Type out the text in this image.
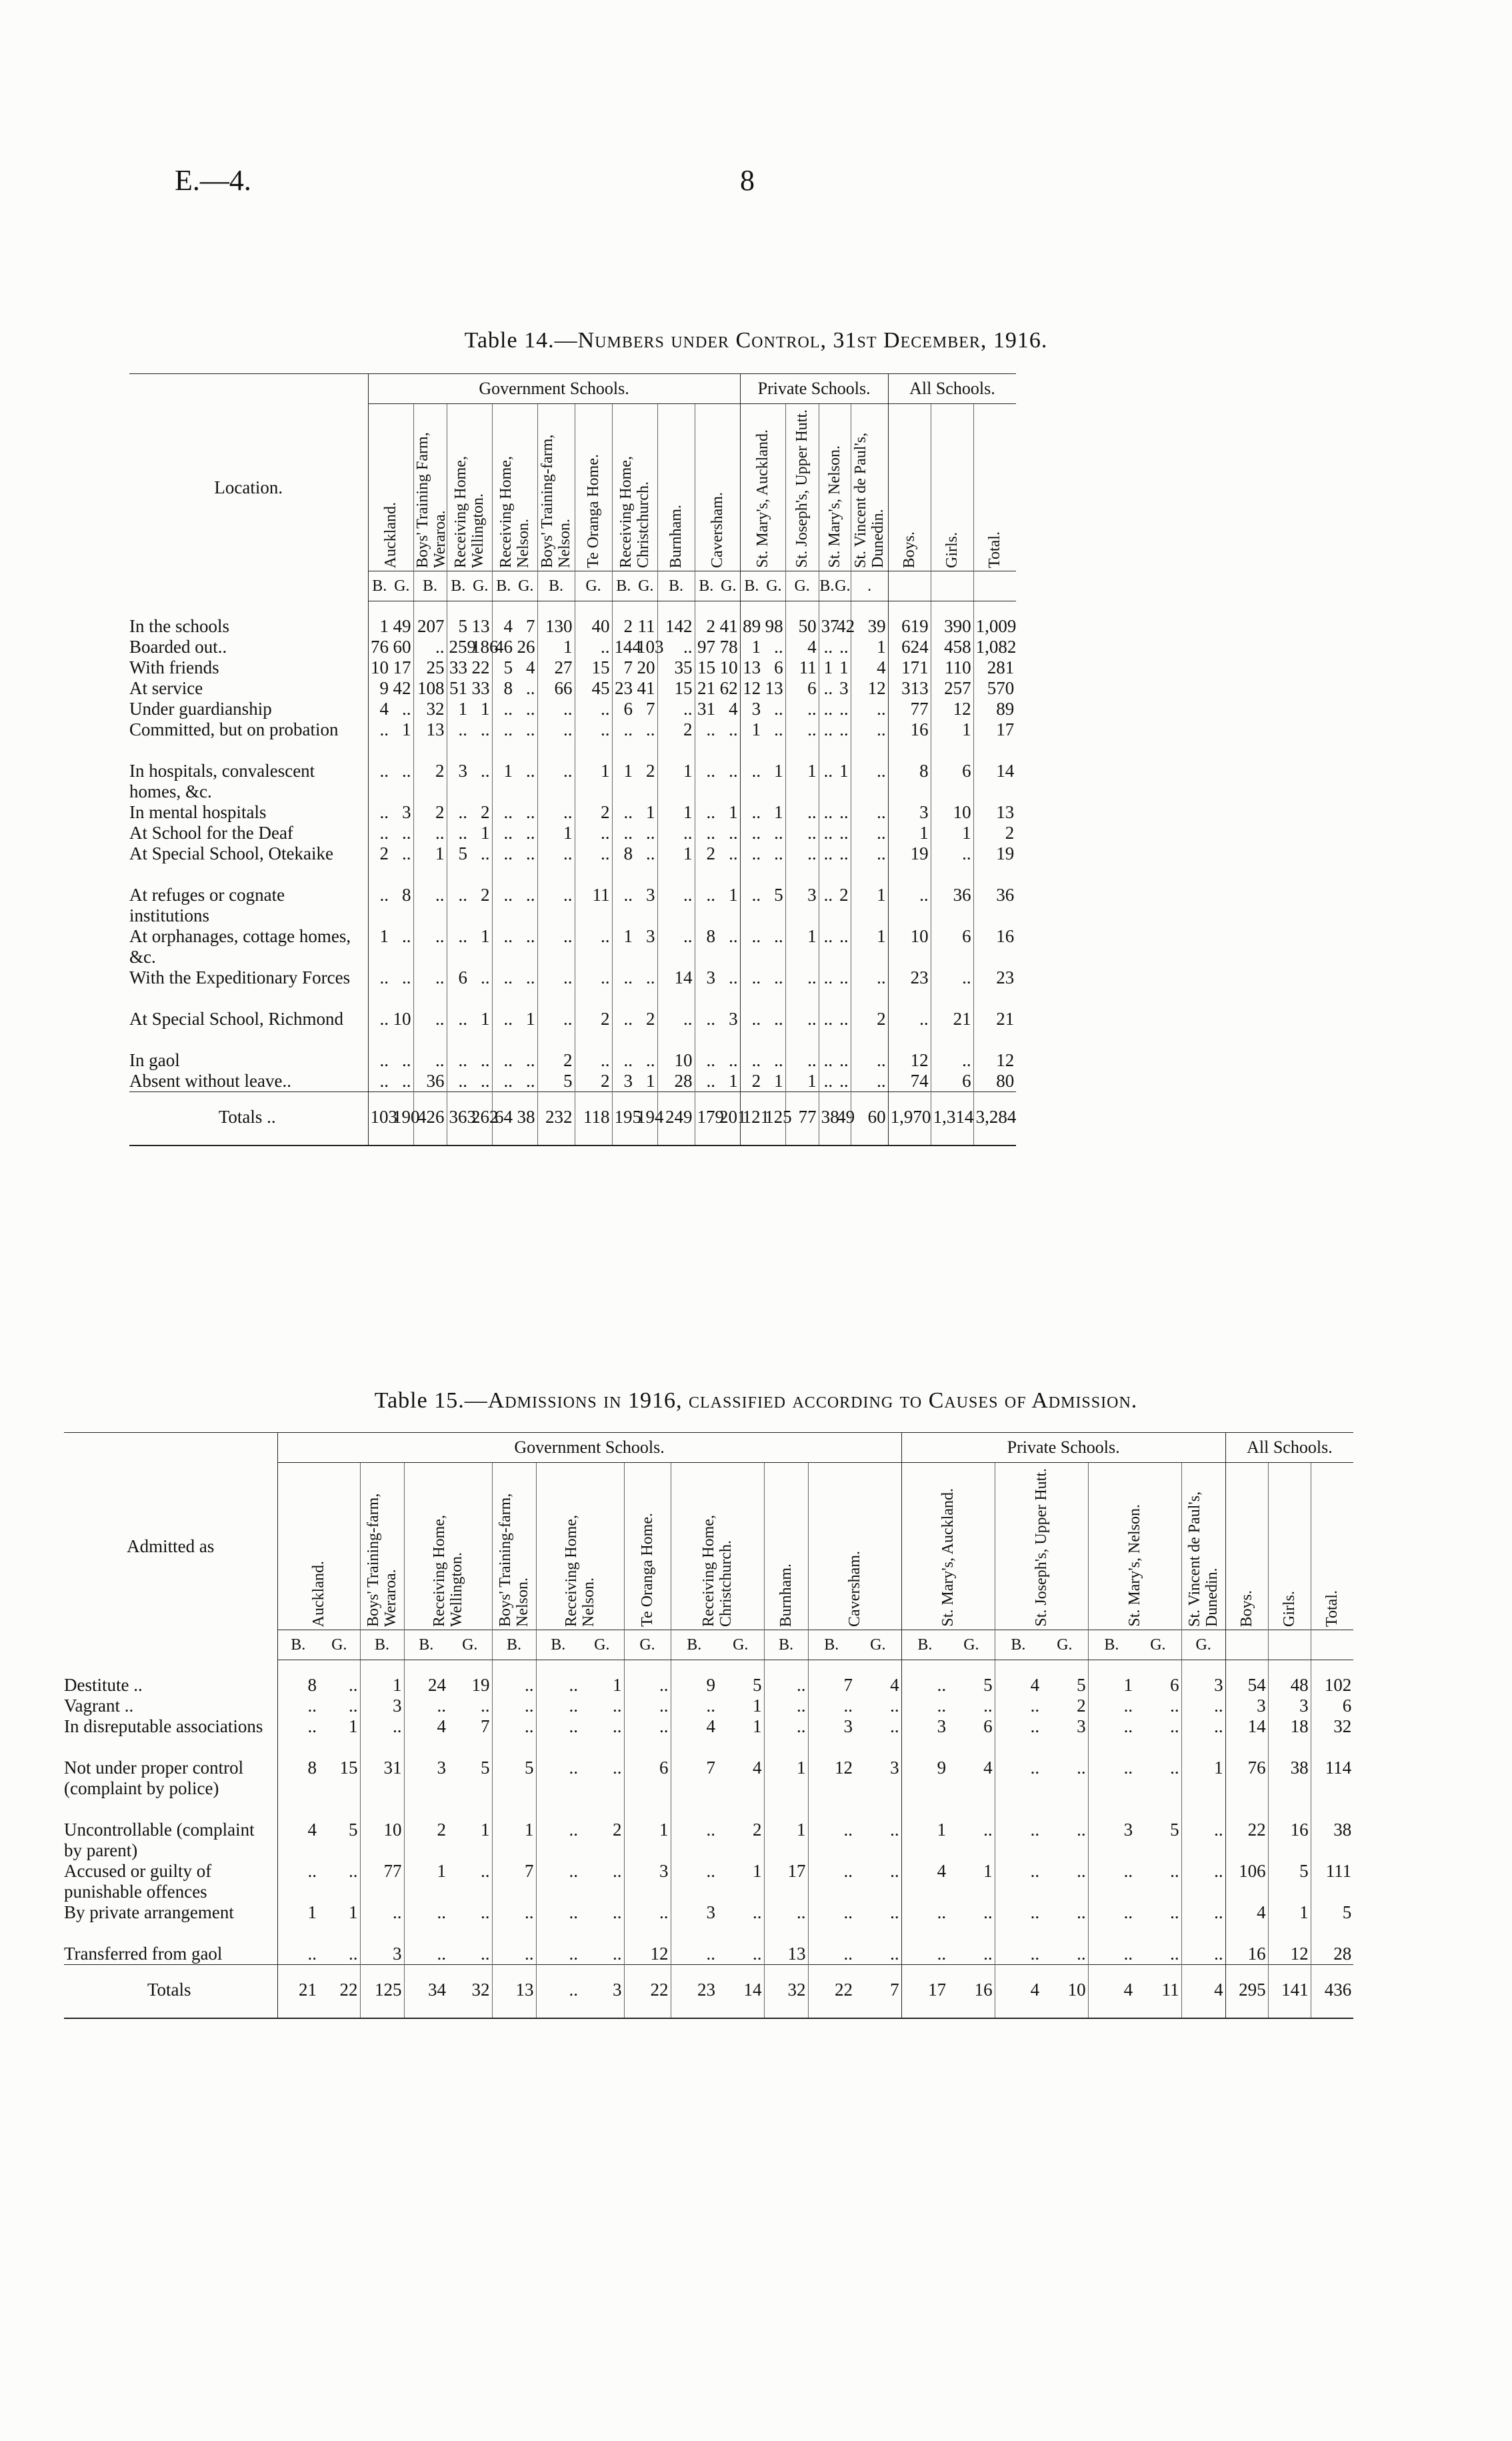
E.—4.	8
Table 14.—Numbers under Control, 31st December, 1916.
Location.	Government Schools.														Private Schools.						All Schools.		

	Auckland.		Boys' Training Farm, Weraroa.	Receiving Home, Wellington.		Receiving Home, Nelson.		Boys' Training-farm, Nelson.	Te Oranga Home.	Receiving Home, Christchurch.		Burnham.	Caversham.		St. Mary's, Auckland.		St. Joseph's, Upper Hutt.	St. Mary's, Nelson.		St. Vincent de Paul's, Dunedin.	Boys.	Girls.	Total.

	B.	G.	B.	B.	G.	B.	G.	B.	G.	B.	G.	B.	B.	G.	B.	G.	G.	B.	G.	.			

In the schools	1	49	207	5	13	4	7	130	40	2	11	142	2	41	89	98	50	37	42	39	619	390	1,009

Boarded out..	76	60	..	259	186	46	26	1	..	144	103	..	97	78	1	..	4	..	..	1	624	458	1,082

With friends	10	17	25	33	22	5	4	27	15	7	20	35	15	10	13	6	11	1	1	4	171	110	281

At service	9	42	108	51	33	8	..	66	45	23	41	15	21	62	12	13	6	..	3	12	313	257	570

Under guardianship	4	..	32	1	1	..	..	..	..	6	7	..	31	4	3	..	..	..	..	..	77	12	89

Committed, but on probation	..	1	13	..	..	..	..	..	..	..	..	2	..	..	1	..	..	..	..	..	16	1	17

In hospitals, convalescent homes, &c.	..	..	2	3	..	1	..	..	1	1	2	1	..	..	..	1	1	..	1	..	8	6	14

In mental hospitals	..	3	2	..	2	..	..	..	2	..	1	1	..	1	..	1	..	..	..	..	3	10	13

At School for the Deaf	..	..	..	..	1	..	..	1	..	..	..	..	..	..	..	..	..	..	..	..	1	1	2

At Special School, Otekaike	2	..	1	5	..	..	..	..	..	8	..	1	2	..	..	..	..	..	..	..	19	..	19

At refuges or cognate institutions	..	8	..	..	2	..	..	..	11	..	3	..	..	1	..	5	3	..	2	1	..	36	36

At orphanages, cottage homes, &c.	1	..	..	..	1	..	..	..	..	1	3	..	8	..	..	..	1	..	..	1	10	6	16

With the Expeditionary Forces	..	..	..	6	..	..	..	..	..	..	..	14	3	..	..	..	..	..	..	..	23	..	23

At Special School, Richmond	..	10	..	..	1	..	1	..	2	..	2	..	..	3	..	..	..	..	..	2	..	21	21

In gaol	..	..	..	..	..	..	..	2	..	..	..	10	..	..	..	..	..	..	..	..	12	..	12

Absent without leave..	..	..	36	..	..	..	..	5	2	3	1	28	..	1	2	1	1	..	..	..	74	6	80
Totals ..	103	190	426	363	262	64	38	232	118	195	194	249	179	201	121	125	77	38	49	60	1,970	1,314	3,284
Table 15.—Admissions in 1916, classified according to Causes of Admission.
Admitted as	Government Schools.														Private Schools.							All Schools.		

	Auckland.		Boys' Training-farm, Weraroa.	Receiving Home, Wellington.		Boys' Training-farm, Nelson.	Receiving Home, Nelson.		Te Oranga Home.	Receiving Home, Christchurch.		Burnham.	Caversham.		St. Mary's, Auckland.		St. Joseph's, Upper Hutt.		St. Mary's, Nelson.		St. Vincent de Paul's, Dunedin.	Boys.	Girls.	Total.

	B.	G.	B.	B.	G.	B.	B.	G.	G.	B.	G.	B.	B.	G.	B.	G.	B.	G.	B.	G.	G.			

Destitute ..	8	..	1	24	19	..	..	1	..	9	5	..	7	4	..	5	4	5	1	6	3	54	48	102

Vagrant ..	..	..	3	..	..	..	..	..	..	..	1	..	..	..	..	..	..	2	..	..	..	3	3	6

In disreputable associations	..	1	..	4	7	..	..	..	..	4	1	..	3	..	3	6	..	3	..	..	..	14	18	32

Not under proper control (complaint by police)	8	15	31	3	5	5	..	..	6	7	4	1	12	3	9	4	..	..	..	..	1	76	38	114

Uncontrollable (complaint by parent)	4	5	10	2	1	1	..	2	1	..	2	1	..	..	1	..	..	..	3	5	..	22	16	38

Accused or guilty of punishable offences	..	..	77	1	..	7	..	..	3	..	1	17	..	..	4	1	..	..	..	..	..	106	5	111

By private arrangement	1	1	..	..	..	..	..	..	..	3	..	..	..	..	..	..	..	..	..	..	..	4	1	5

Transferred from gaol	..	..	3	..	..	..	..	..	12	..	..	13	..	..	..	..	..	..	..	..	..	16	12	28
Totals	21	22	125	34	32	13	..	3	22	23	14	32	22	7	17	16	4	10	4	11	4	295	141	436
